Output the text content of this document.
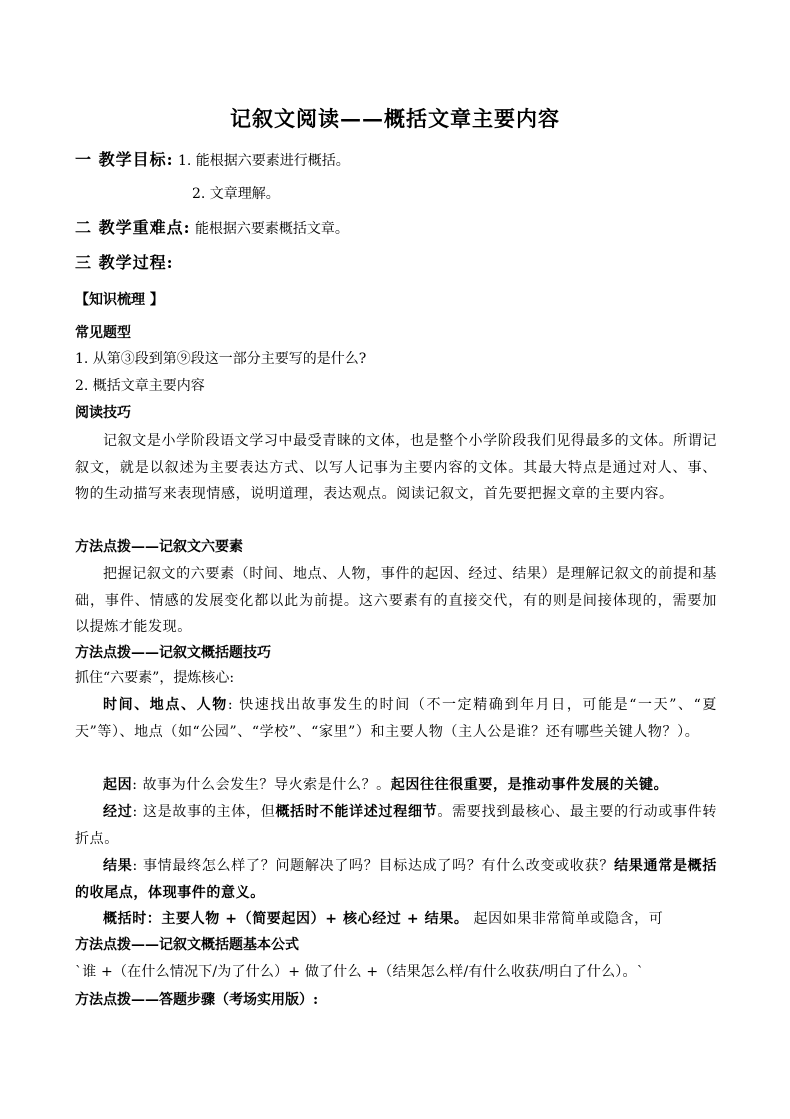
记叙文阅读——概括文章主要内容
一 教学目标: 1. 能根据六要素进行概括。
2. 文章理解。
二 教学重难点: 能根据六要素概括文章。
三 教学过程:
【知识梳理 】
常见题型
1. 从第③段到第⑨段这一部分主要写的是什么?
2. 概括文章主要内容
阅读技巧
记叙文是小学阶段语文学习中最受青睐的文体，也是整个小学阶段我们见得最多的文体。所谓记叙文，就是以叙述为主要表达方式、以写人记事为主要内容的文体。其最大特点是通过对人、事、物的生动描写来表现情感，说明道理，表达观点。阅读记叙文，首先要把握文章的主要内容。
方法点拨——记叙文六要素
把握记叙文的六要素（时间、地点、人物，事件的起因、经过、结果）是理解记叙文的前提和基础，事件、情感的发展变化都以此为前提。这六要素有的直接交代，有的则是间接体现的，需要加以提炼才能发现。
方法点拨——记叙文概括题技巧
抓住“六要素”，提炼核心:
时间、地点、人物: 快速找出故事发生的时间（不一定精确到年月日，可能是“一天”、“夏天”等）、地点（如“公园”、“学校”、“家里”）和主要人物（主人公是谁？还有哪些关键人物？）。
起因: 故事为什么会发生？导火索是什么？。起因往往很重要，是推动事件发展的关键。
经过: 这是故事的主体，但概括时不能详述过程细节。需要找到最核心、最主要的行动或事件转折点。
结果: 事情最终怎么样了？问题解决了吗？目标达成了吗？有什么改变或收获？结果通常是概括的收尾点，体现事件的意义。
概括时：主要人物 +（简要起因）+ 核心经过 + 结果。 起因如果非常简单或隐含，可
方法点拨——记叙文概括题基本公式
`谁 +（在什么情况下/为了什么）+ 做了什么 +（结果怎么样/有什么收获/明白了什么）。`
方法点拨——答题步骤（考场实用版）:
